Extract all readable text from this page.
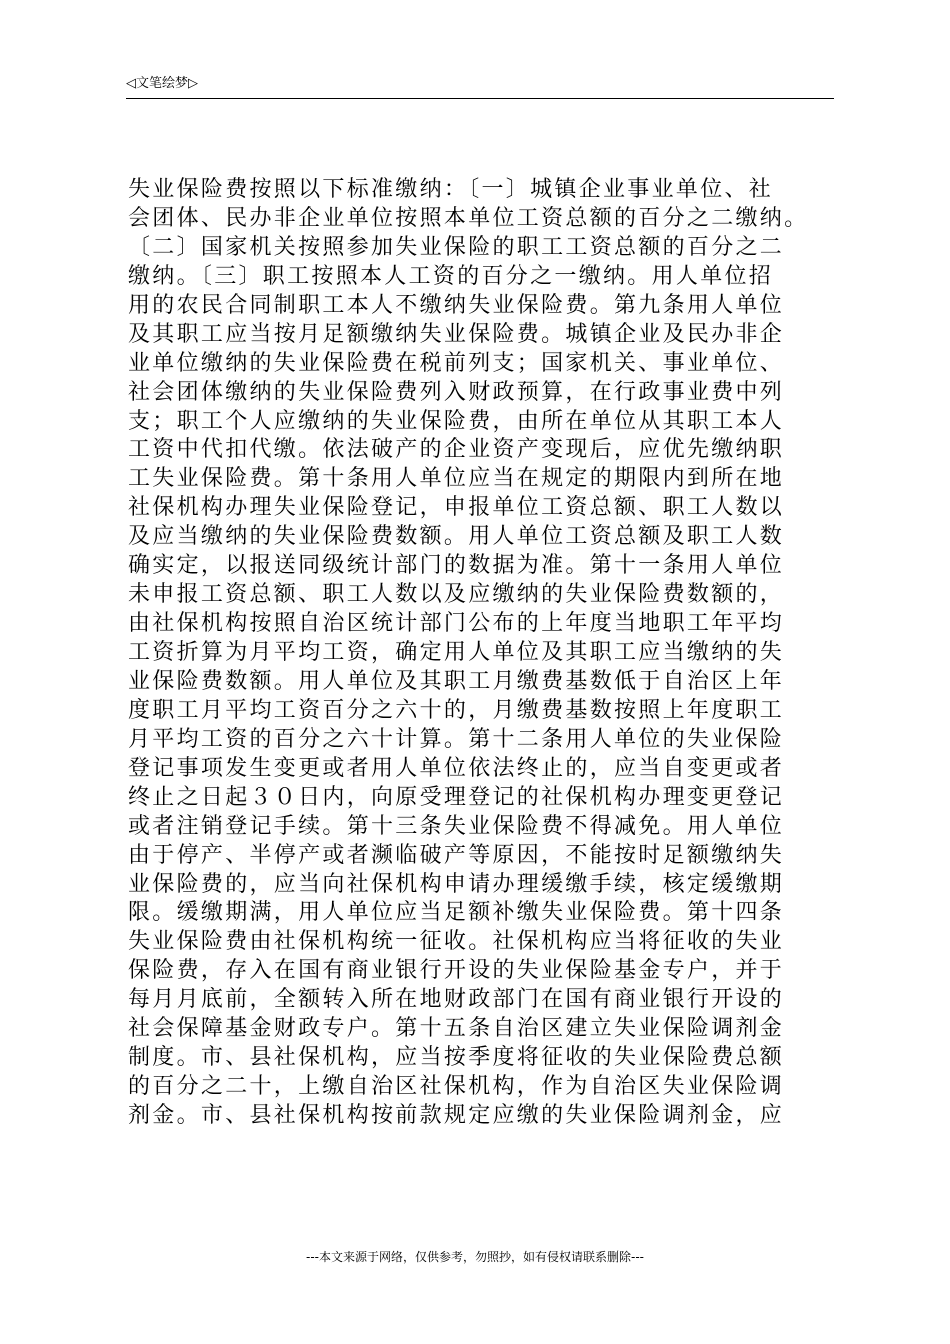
◁文笔绘梦▷
失业保险费按照以下标准缴纳：〔一〕城镇企业事业单位、社
会团体、民办非企业单位按照本单位工资总额的百分之二缴纳。
〔二〕国家机关按照参加失业保险的职工工资总额的百分之二
缴纳。〔三〕职工按照本人工资的百分之一缴纳。用人单位招
用的农民合同制职工本人不缴纳失业保险费。第九条用人单位
及其职工应当按月足额缴纳失业保险费。城镇企业及民办非企
业单位缴纳的失业保险费在税前列支；国家机关、事业单位、
社会团体缴纳的失业保险费列入财政预算，在行政事业费中列
支；职工个人应缴纳的失业保险费，由所在单位从其职工本人
工资中代扣代缴。依法破产的企业资产变现后，应优先缴纳职
工失业保险费。第十条用人单位应当在规定的期限内到所在地
社保机构办理失业保险登记，申报单位工资总额、职工人数以
及应当缴纳的失业保险费数额。用人单位工资总额及职工人数
确实定，以报送同级统计部门的数据为准。第十一条用人单位
未申报工资总额、职工人数以及应缴纳的失业保险费数额的，
由社保机构按照自治区统计部门公布的上年度当地职工年平均
工资折算为月平均工资，确定用人单位及其职工应当缴纳的失
业保险费数额。用人单位及其职工月缴费基数低于自治区上年
度职工月平均工资百分之六十的，月缴费基数按照上年度职工
月平均工资的百分之六十计算。第十二条用人单位的失业保险
登记事项发生变更或者用人单位依法终止的，应当自变更或者
终止之日起３０日内，向原受理登记的社保机构办理变更登记
或者注销登记手续。第十三条失业保险费不得减免。用人单位
由于停产、半停产或者濒临破产等原因，不能按时足额缴纳失
业保险费的，应当向社保机构申请办理缓缴手续，核定缓缴期
限。缓缴期满，用人单位应当足额补缴失业保险费。第十四条
失业保险费由社保机构统一征收。社保机构应当将征收的失业
保险费，存入在国有商业银行开设的失业保险基金专户，并于
每月月底前，全额转入所在地财政部门在国有商业银行开设的
社会保障基金财政专户。第十五条自治区建立失业保险调剂金
制度。市、县社保机构，应当按季度将征收的失业保险费总额
的百分之二十，上缴自治区社保机构，作为自治区失业保险调
剂金。市、县社保机构按前款规定应缴的失业保险调剂金，应
---本文来源于网络，仅供参考，勿照抄，如有侵权请联系删除---
